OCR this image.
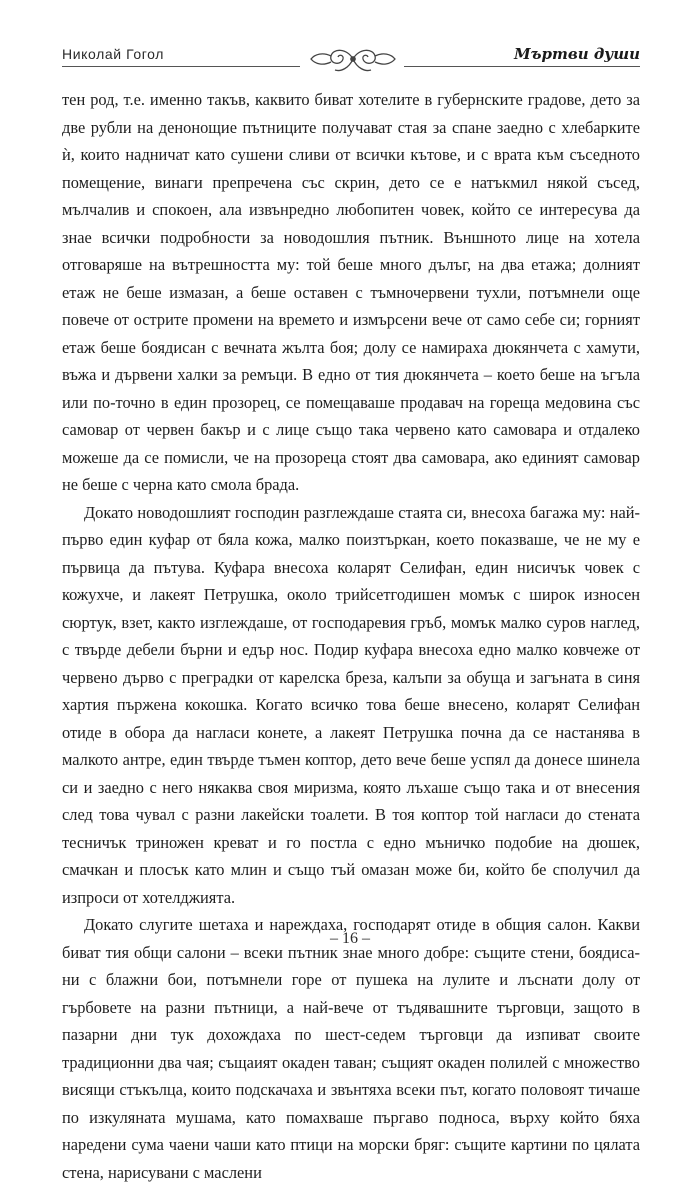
Николай Гогол	Мъртви души

тен род, т.е. именно такъв, каквито биват хотелите в губернските градове, дето за две рубли на денонощие пътниците получават стая за спане заедно с хлебарките ѝ, които надничат като сушени сливи от всички кътове, и с врата към съседното помещение, винаги препречена със скрин, дето се е натъкмил някой съсед, мълчалив и спокоен, ала извънредно любопитен човек, който се интересува да знае всички подробности за новодошлия пътник. Външното лице на хотела отговаряше на вътрешността му: той беше много дълъг, на два етажа; долният етаж не беше измазан, а беше оставен с тъмночервени тухли, потъмнели още повече от острите промени на времето и измърсени вече от само себе си; горният етаж беше боядисан с вечната жълта боя; долу се намираха дюкянчета с хамути, въжа и дървени халки за ремъци. В едно от тия дюкянчета – което беше на ъгъла или по-точно в един прозорец, се помещаваше продавач на гореща медовина със самовар от червен бакър и с лице също така червено като самовара и отдалеко можеше да се помисли, че на прозореца стоят два самовара, ако единият самовар не беше с черна като смола брада.

Докато новодошлият господин разглеждаше стаята си, внесоха багажа му: найпърво един куфар от бяла кожа, малко поизтъркан, което показваше, че не му е първица да пътува. Куфара внесоха коларят Селифан, един нисичък човек с кожухче, и лакеят Петрушка, около трийсетгодишен момък с широк износен сюртук, взет, както изглеждаше, от господаревия гръб, момък малко суров наглед, с твърде дебели бърни и едър нос. Подир куфара внесоха едно малко ковчеже от червено дърво с преградки от карелска бреза, калъпи за обуща и загъната в синя хартия пържена кокошка. Когато всичко това беше внесено, коларят Селифан отиде в обора да нагласи конете, а лакеят Петрушка почна да се настанява в малкото антре, един твърде тъмен коптор, дето вече беше успял да донесе шинела си и заедно с него някаква своя миризма, която лъхаше също така и от внесения след това чувал с разни лакейски тоалети. В тоя коптор той нагласи до стената тесничък триножен креват и го постла с едно мъничко подобие на дюшек, смачкан и плосък като млин и също тъй омазан може би, който бе сполучил да изпроси от хотелджията.

Докато слугите шетаха и нареждаха, господарят отиде в общия салон. Какви биват тия общи салони – всеки пътник знае много добре: същите стени, боядисани с блажни бои, потъмнели горе от пушека на лулите и лъснати долу от гърбовете на разни пътници, а най-вече от тъдявашните търговци, защото в пазарни дни тук дохождаха по шест-седем търговци да изпиват своите традиционни два чая; същаият окаден таван; същият окаден полилей с множество висящи стъкълца, които подскачаха и звънтяха всеки път, когато половоят тичаше по изкуляната мушама, като помахваше пъргаво подноса, върху който бяха наредени сума чаени чаши като птици на морски бряг: същите картини по цялата стена, нарисувани с маслени

– 16 –
